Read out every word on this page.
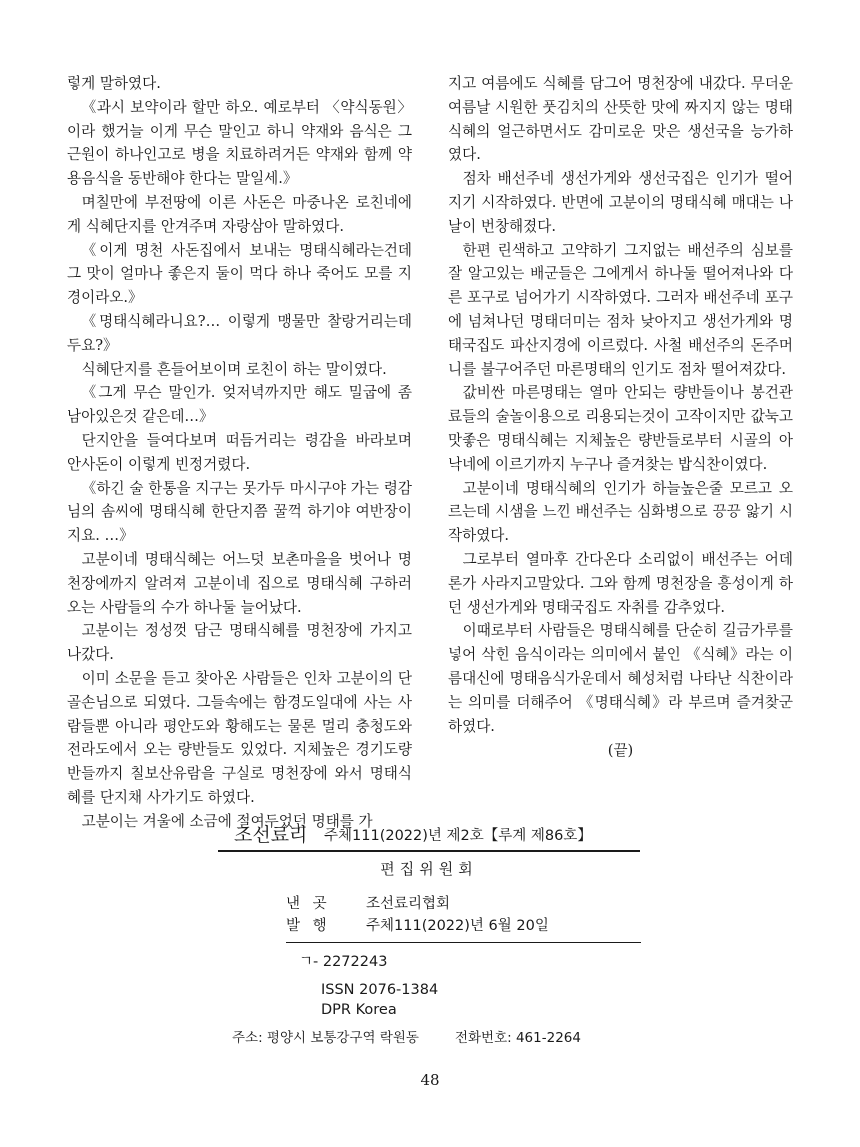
렇게 말하였다.

《과시 보약이라 할만 하오. 예로부터 〈약식동원〉이라 했거늘 이게 무슨 말인고 하니 약재와 음식은 그 근원이 하나인고로 병을 치료하려거든 약재와 함께 약용음식을 동반해야 한다는 말일세.》

며칠만에 부전땅에 이른 사돈은 마중나온 로친네에게 식혜단지를 안겨주며 자랑삼아 말하였다.

《이게 명천 사돈집에서 보내는 명태식혜라는건데 그 맛이 얼마나 좋은지 둘이 먹다 하나 죽어도 모를 지경이라오.》

《명태식혜라니요?… 이렇게 맹물만 찰랑거리는데두요?》

식혜단지를 흔들어보이며 로친이 하는 말이였다.

《그게 무슨 말인가. 엊저녁까지만 해도 밀굽에 좀 남아있은것 같은데…》

단지안을 들여다보며 떠듬거리는 령감을 바라보며 안사돈이 이렇게 빈정거렸다.

《하긴 술 한통을 지구는 못가두 마시구야 가는 령감님의 솜씨에 명태식혜 한단지쯤 꿀꺽 하기야 여반장이지요. …》

고분이네 명태식혜는 어느덧 보촌마을을 벗어나 명천장에까지 알려져 고분이네 집으로 명태식혜 구하러 오는 사람들의 수가 하나둘 늘어났다.

고분이는 정성껏 담근 명태식혜를 명천장에 가지고 나갔다.

이미 소문을 듣고 찾아온 사람들은 인차 고분이의 단골손님으로 되였다. 그들속에는 함경도일대에 사는 사람들뿐 아니라 평안도와 황해도는 물론 멀리 충청도와 전라도에서 오는 량반들도 있었다. 지체높은 경기도량반들까지 칠보산유람을 구실로 명천장에 와서 명태식혜를 단지채 사가기도 하였다.

고분이는 겨울에 소금에 절여두었던 명태를 가

지고 여름에도 식혜를 담그어 명천장에 내갔다. 무더운 여름날 시원한 풋김치의 산뜻한 맛에 짜지지 않는 명태식혜의 얼근하면서도 감미로운 맛은 생선국을 능가하였다.

점차 배선주네 생선가게와 생선국집은 인기가 떨어지기 시작하였다. 반면에 고분이의 명태식혜 매대는 나날이 번창해졌다.

한편 린색하고 고약하기 그지없는 배선주의 심보를 잘 알고있는 배군들은 그에게서 하나둘 떨어져나와 다른 포구로 넘어가기 시작하였다. 그러자 배선주네 포구에 넘쳐나던 명태더미는 점차 낮아지고 생선가게와 명태국집도 파산지경에 이르렀다. 사철 배선주의 돈주머니를 불구어주던 마른명태의 인기도 점차 떨어져갔다.

값비싼 마른명태는 열마 안되는 량반들이나 봉건관료들의 술놀이용으로 리용되는것이 고작이지만 값눅고 맛좋은 명태식혜는 지체높은 량반들로부터 시골의 아낙네에 이르기까지 누구나 즐겨찾는 밥식찬이였다.

고분이네 명태식혜의 인기가 하늘높은줄 모르고 오르는데 시샘을 느낀 배선주는 심화병으로 끙끙 앓기 시작하였다.

그로부터 열마후 간다온다 소리없이 배선주는 어데론가 사라지고말았다. 그와 함께 명천장을 흥성이게 하던 생선가게와 명태국집도 자취를 감추었다.

이때로부터 사람들은 명태식혜를 단순히 길금가루를 넣어 삭힌 음식이라는 의미에서 붙인 《식혜》라는 이름대신에 명태음식가운데서 혜성처럼 나타난 식찬이라는 의미를 더해주어 《명태식혜》라 부르며 즐겨찾군 하였다.

(끝)

조선료리 주체111(2022)년 제2호【루계 제86호】
편집위원회
낸 곳 조선료리협회
발 행 주체111(2022)년 6월 20일
ㄱ- 2272243
ISSN 2076-1384
DPR Korea
주소: 평양시 보통강구역 락원동	전화번호: 461-2264
48
